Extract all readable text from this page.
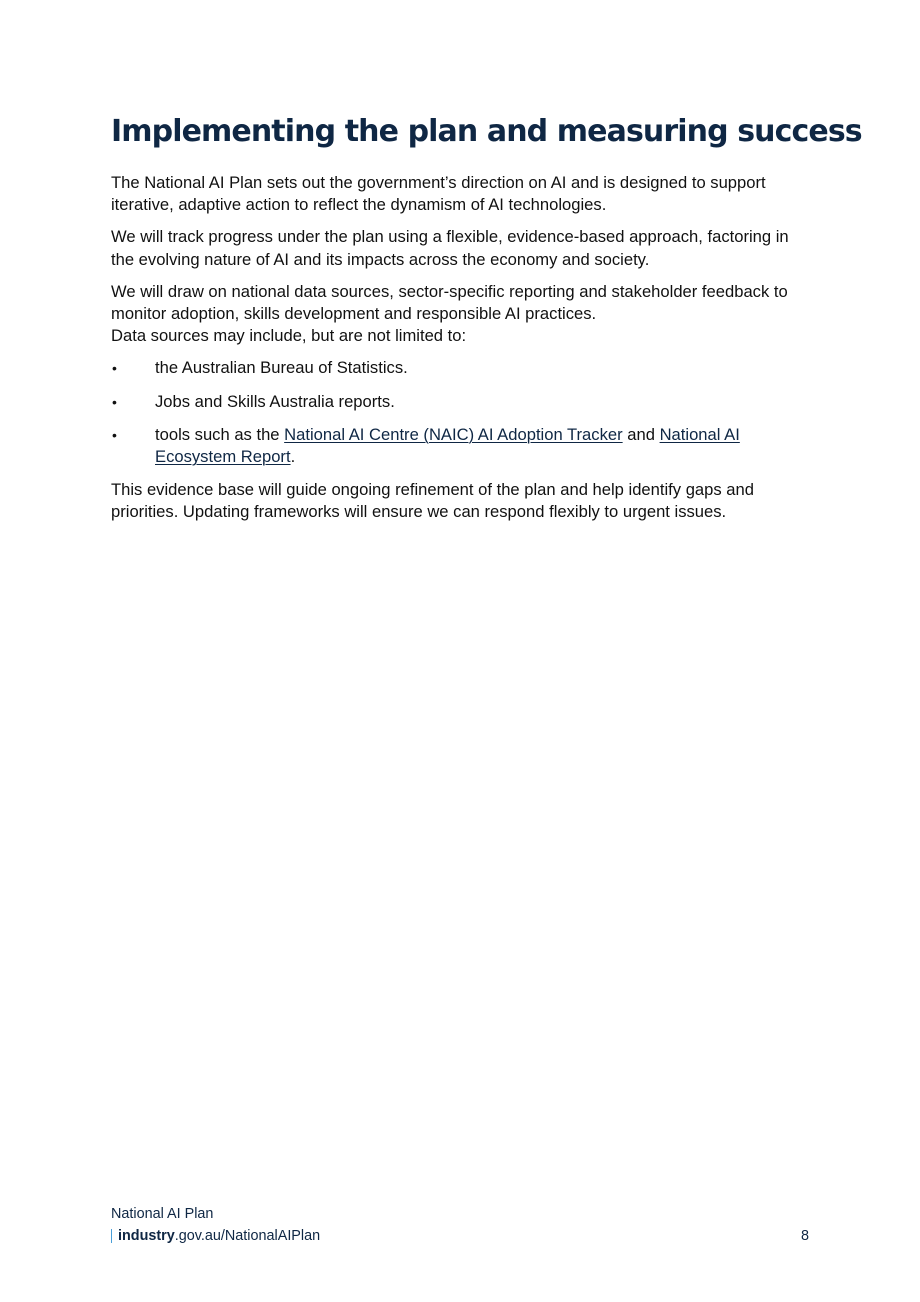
Implementing the plan and measuring success

The National AI Plan sets out the government’s direction on AI and is designed to support iterative, adaptive action to reflect the dynamism of AI technologies.

We will track progress under the plan using a flexible, evidence-based approach, factoring in the evolving nature of AI and its impacts across the economy and society.

We will draw on national data sources, sector-specific reporting and stakeholder feedback to monitor adoption, skills development and responsible AI practices.
Data sources may include, but are not limited to:

• the Australian Bureau of Statistics.
• Jobs and Skills Australia reports.
• tools such as the National AI Centre (NAIC) AI Adoption Tracker and National AI Ecosystem Report.

This evidence base will guide ongoing refinement of the plan and help identify gaps and priorities. Updating frameworks will ensure we can respond flexibly to urgent issues.

National AI Plan
industry .gov.au/NationalAIPlan	8
